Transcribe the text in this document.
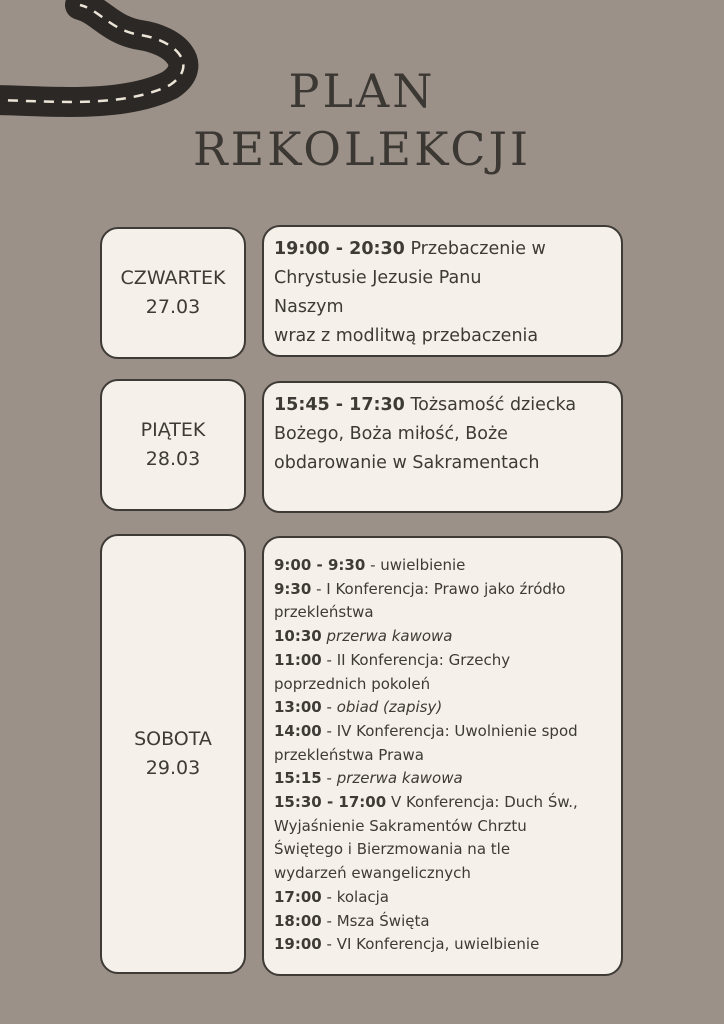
PLAN
REKOLEKCJI
CZWARTEK
27.03
19:00 - 20:30 Przebaczenie w
Chrystusie Jezusie Panu
Naszym
wraz z modlitwą przebaczenia
PIĄTEK
28.03
15:45 - 17:30 Tożsamość dziecka
Bożego, Boża miłość, Boże
obdarowanie w Sakramentach
SOBOTA
29.03
9:00 - 9:30 - uwielbienie
9:30 - I Konferencja: Prawo jako źródło
przekleństwa
10:30 przerwa kawowa
11:00 - II Konferencja: Grzechy
poprzednich pokoleń
13:00 - obiad (zapisy)
14:00 - IV Konferencja: Uwolnienie spod
przekleństwa Prawa
15:15 - przerwa kawowa
15:30 - 17:00 V Konferencja: Duch Św.,
Wyjaśnienie Sakramentów Chrztu
Świętego i Bierzmowania na tle
wydarzeń ewangelicznych
17:00 - kolacja
18:00 - Msza Święta
19:00 - VI Konferencja, uwielbienie
